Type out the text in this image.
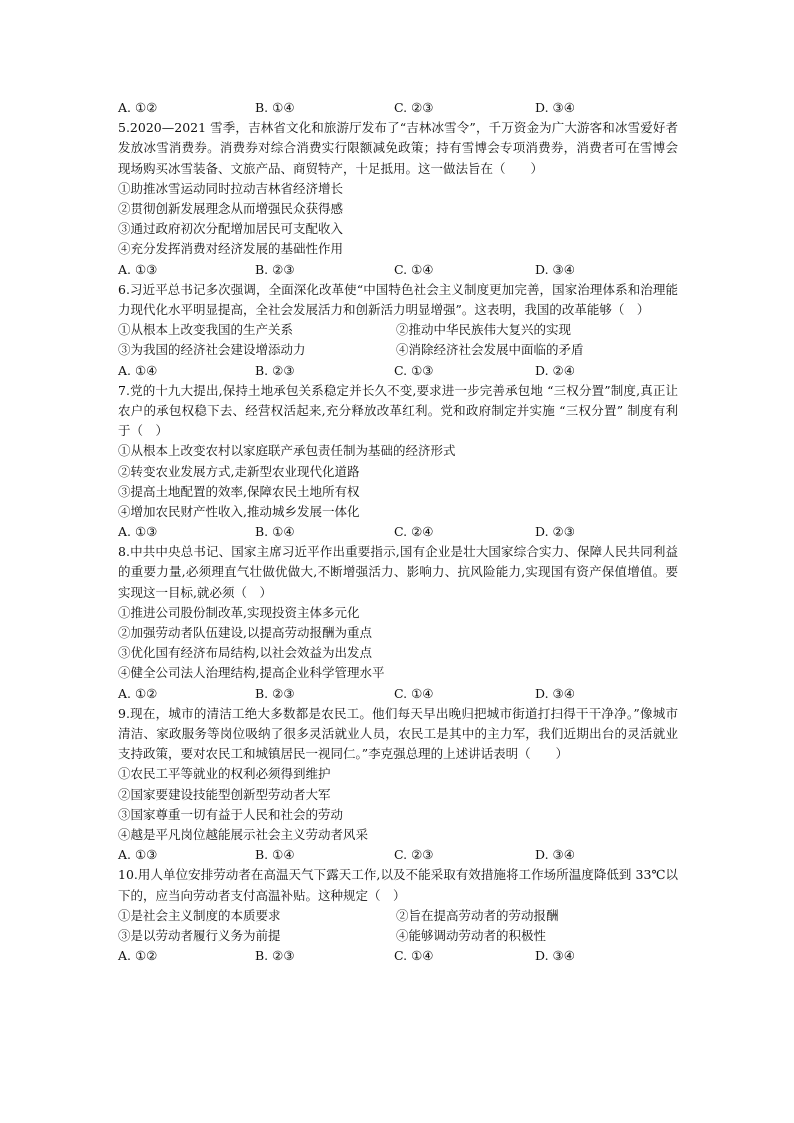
A. ①②	B. ①④	C. ②③	D. ③④
5.2020—2021 雪季，吉林省文化和旅游厅发布了“吉林冰雪令”，千万资金为广大游客和冰雪爱好者发放冰雪消费券。消费券对综合消费实行限额减免政策；持有雪博会专项消费券，消费者可在雪博会现场购买冰雪装备、文旅产品、商贸特产，十足抵用。这一做法旨在（　　）
①助推冰雪运动同时拉动吉林省经济增长
②贯彻创新发展理念从而增强民众获得感
③通过政府初次分配增加居民可支配收入
④充分发挥消费对经济发展的基础性作用
A. ①③	B. ②③	C. ①④	D. ③④
6.习近平总书记多次强调，全面深化改革使“中国特色社会主义制度更加完善，国家治理体系和治理能力现代化水平明显提高，全社会发展活力和创新活力明显增强”。这表明，我国的改革能够（　）
①从根本上改变我国的生产关系	②推动中华民族伟大复兴的实现
③为我国的经济社会建设增添动力	④消除经济社会发展中面临的矛盾
A. ①④	B. ②③	C. ①③	D. ②④
7.党的十九大提出,保持土地承包关系稳定并长久不变,要求进一步完善承包地 “三权分置”制度,真正让农户的承包权稳下去、经营权活起来,充分释放改革红利。党和政府制定并实施 “三权分置” 制度有利于（　）
①从根本上改变农村以家庭联产承包责任制为基础的经济形式
②转变农业发展方式,走新型农业现代化道路
③提高土地配置的效率,保障农民土地所有权
④增加农民财产性收入,推动城乡发展一体化
A. ①③	B. ①④	C. ②④	D. ②③
8.中共中央总书记、国家主席习近平作出重要指示,国有企业是壮大国家综合实力、保障人民共同利益的重要力量,必须理直气壮做优做大,不断增强活力、影响力、抗风险能力,实现国有资产保值增值。要实现这一目标,就必须（　）
①推进公司股份制改革,实现投资主体多元化
②加强劳动者队伍建设,以提高劳动报酬为重点
③优化国有经济布局结构,以社会效益为出发点
④健全公司法人治理结构,提高企业科学管理水平
A. ①②	B. ②③	C. ①④	D. ③④
9.现在，城市的清洁工绝大多数都是农民工。他们每天早出晚归把城市街道打扫得干干净净。”像城市清洁、家政服务等岗位吸纳了很多灵活就业人员，农民工是其中的主力军，我们近期出台的灵活就业支持政策，要对农民工和城镇居民一视同仁。”李克强总理的上述讲话表明（　　）
①农民工平等就业的权利必须得到维护
②国家要建设技能型创新型劳动者大军
③国家尊重一切有益于人民和社会的劳动
④越是平凡岗位越能展示社会主义劳动者风采
A. ①③	B. ①④	C. ②③	D. ③④
10.用人单位安排劳动者在高温天气下露天工作,以及不能采取有效措施将工作场所温度降低到 33℃以下的，应当向劳动者支付高温补贴。这种规定（　）
①是社会主义制度的本质要求	②旨在提高劳动者的劳动报酬
③是以劳动者履行义务为前提	④能够调动劳动者的积极性
A. ①②	B. ②③	C. ①④	D. ③④
